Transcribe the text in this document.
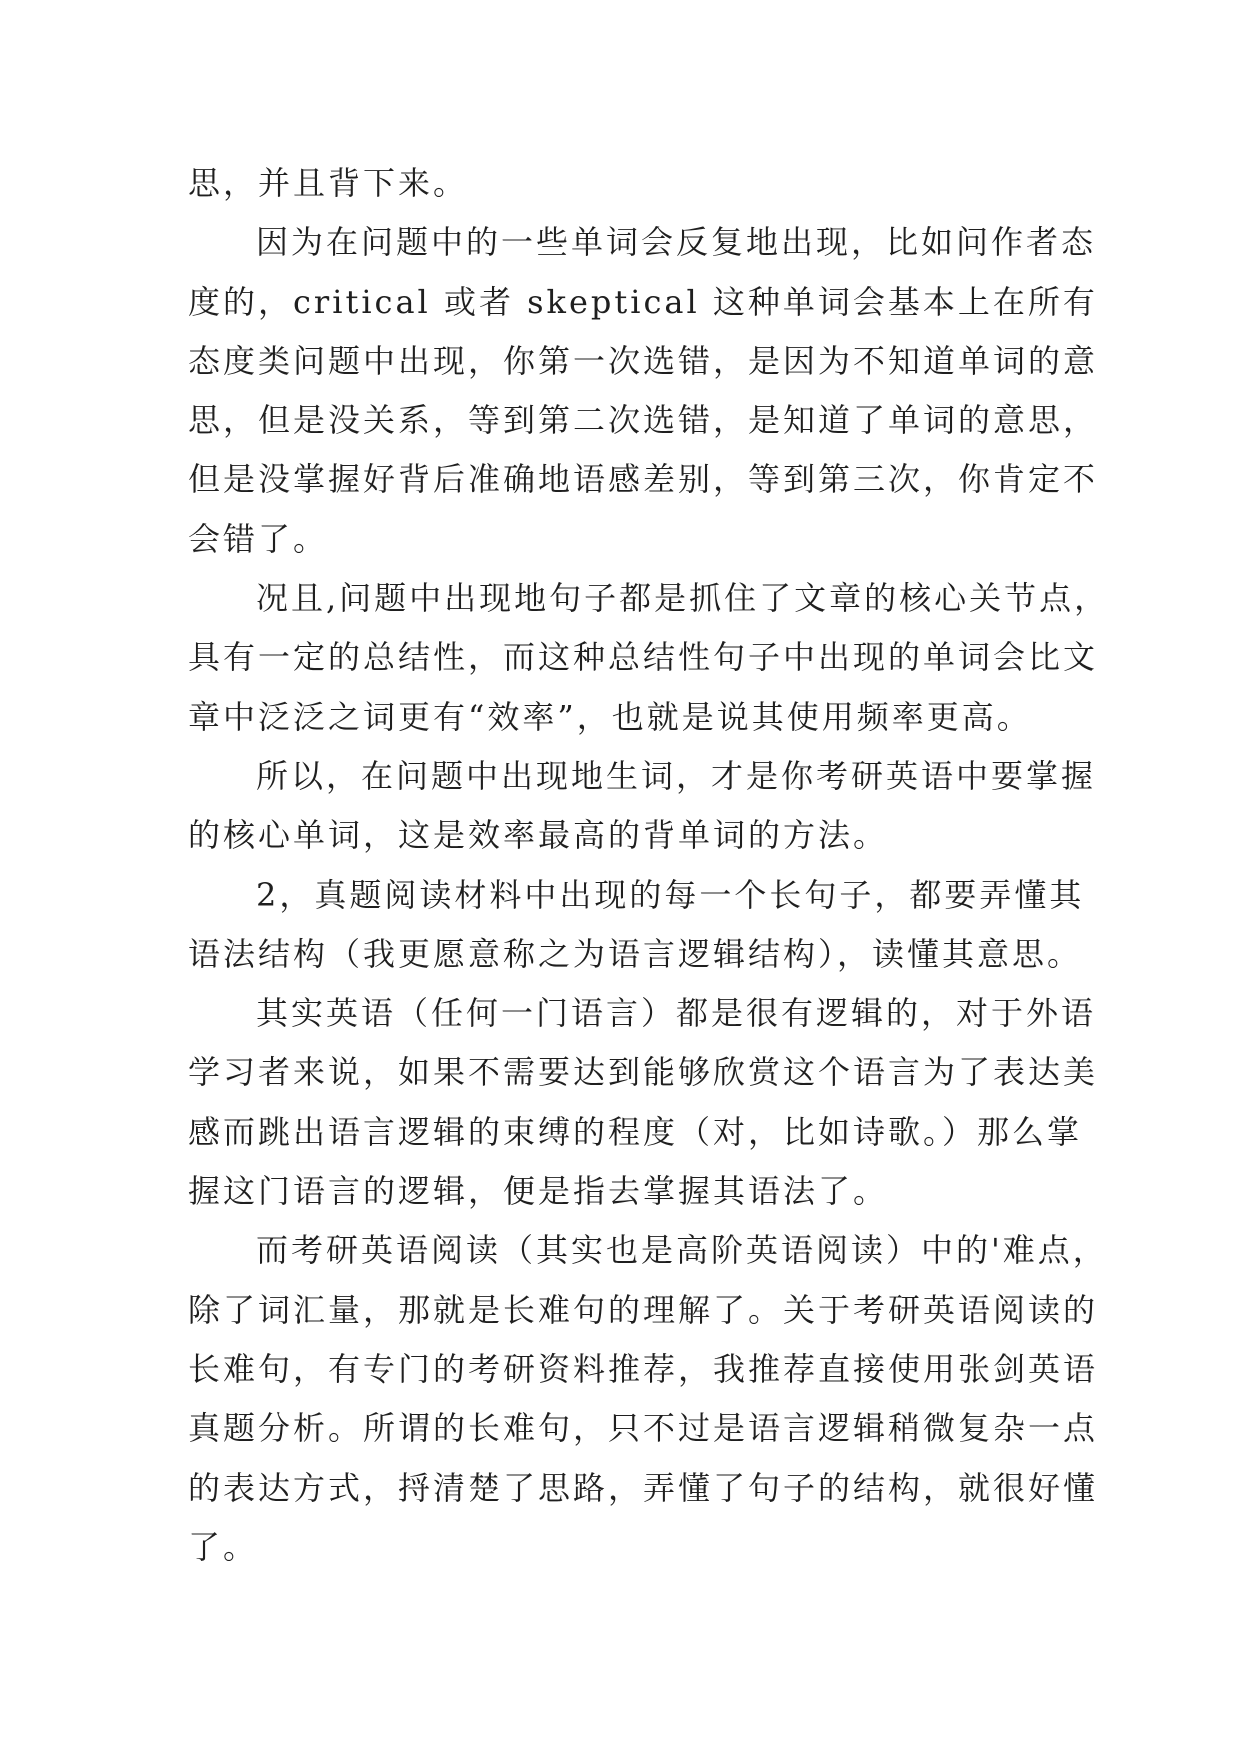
思，并且背下来。
因为在问题中的一些单词会反复地出现，比如问作者态
度的，critical 或者 skeptical 这种单词会基本上在所有
态度类问题中出现，你第一次选错，是因为不知道单词的意
思，但是没关系，等到第二次选错，是知道了单词的意思，
但是没掌握好背后准确地语感差别，等到第三次，你肯定不
会错了。
况且,问题中出现地句子都是抓住了文章的核心关节点，
具有一定的总结性，而这种总结性句子中出现的单词会比文
章中泛泛之词更有“效率”，也就是说其使用频率更高。
所以，在问题中出现地生词，才是你考研英语中要掌握
的核心单词，这是效率最高的背单词的方法。
2，真题阅读材料中出现的每一个长句子，都要弄懂其
语法结构（我更愿意称之为语言逻辑结构），读懂其意思。
其实英语（任何一门语言）都是很有逻辑的，对于外语
学习者来说，如果不需要达到能够欣赏这个语言为了表达美
感而跳出语言逻辑的束缚的程度（对，比如诗歌。）那么掌
握这门语言的逻辑，便是指去掌握其语法了。
而考研英语阅读（其实也是高阶英语阅读）中的'难点，
除了词汇量，那就是长难句的理解了。关于考研英语阅读的
长难句，有专门的考研资料推荐，我推荐直接使用张剑英语
真题分析。所谓的长难句，只不过是语言逻辑稍微复杂一点
的表达方式，捋清楚了思路，弄懂了句子的结构，就很好懂
了。
